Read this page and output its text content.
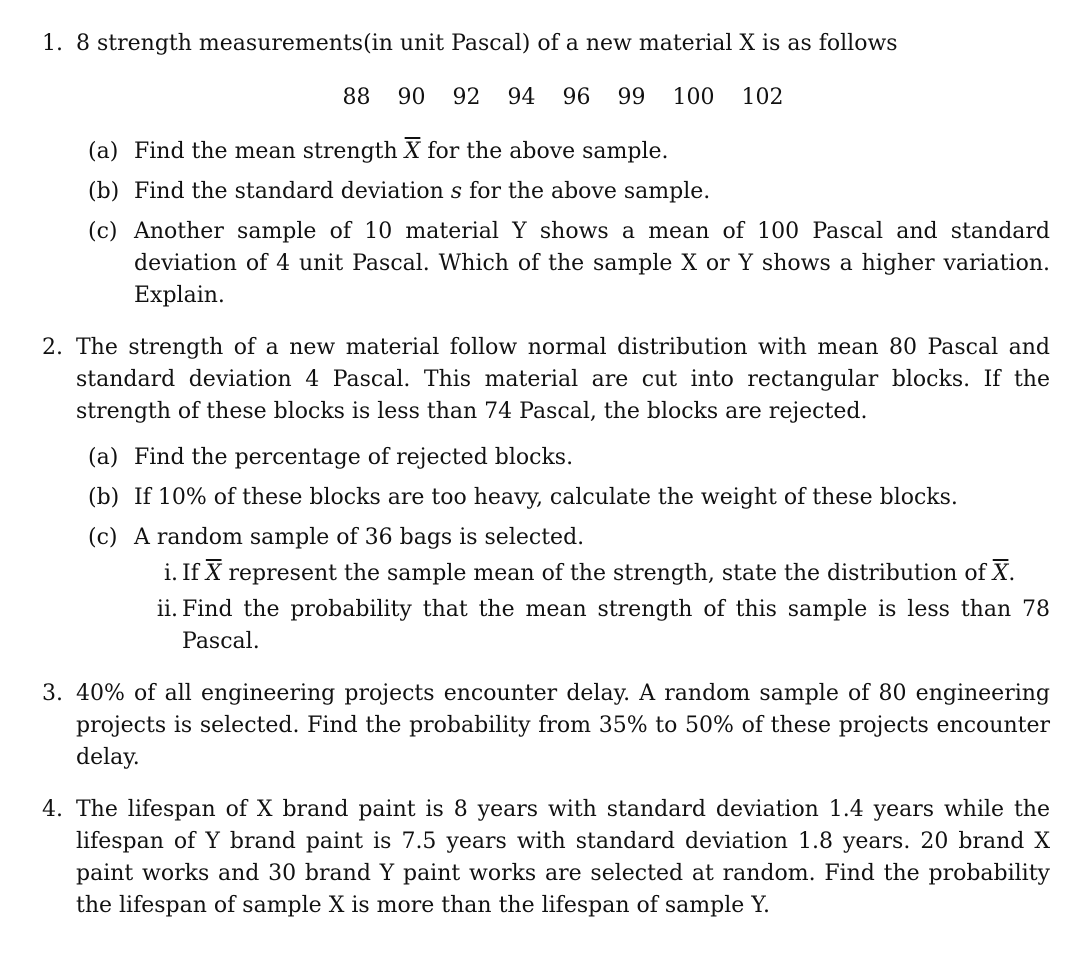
1. 8 strength measurements(in unit Pascal) of a new material X is as follows

88 90 92 94 96 99 100 102
(a) Find the mean strength $\overline{X}$ for the above sample.

(b) Find the standard deviation s for the above sample.

(c) Another sample of 10 material Y shows a mean of 100 Pascal and standard deviation of 4 unit Pascal. Which of the sample X or Y shows a higher variation. Explain.

2. The strength of a new material follow normal distribution with mean 80 Pascal and standard deviation 4 Pascal. This material are cut into rectangular blocks. If the strength of these blocks is less than 74 Pascal, the blocks are rejected.

(a) Find the percentage of rejected blocks.

(b) If 10% of these blocks are too heavy, calculate the weight of these blocks.

(c) A random sample of 36 bags is selected.

i. If $\overline{X}$ represent the sample mean of the strength, state the distribution of $\overline{X}$.

ii. Find the probability that the mean strength of this sample is less than 78 Pascal.

3. 40% of all engineering projects encounter delay. A random sample of 80 engineering projects is selected. Find the probability from 35% to 50% of these projects encounter delay.

4. The lifespan of X brand paint is 8 years with standard deviation 1.4 years while the lifespan of Y brand paint is 7.5 years with standard deviation 1.8 years. 20 brand X paint works and 30 brand Y paint works are selected at random. Find the probability the lifespan of sample X is more than the lifespan of sample Y.
